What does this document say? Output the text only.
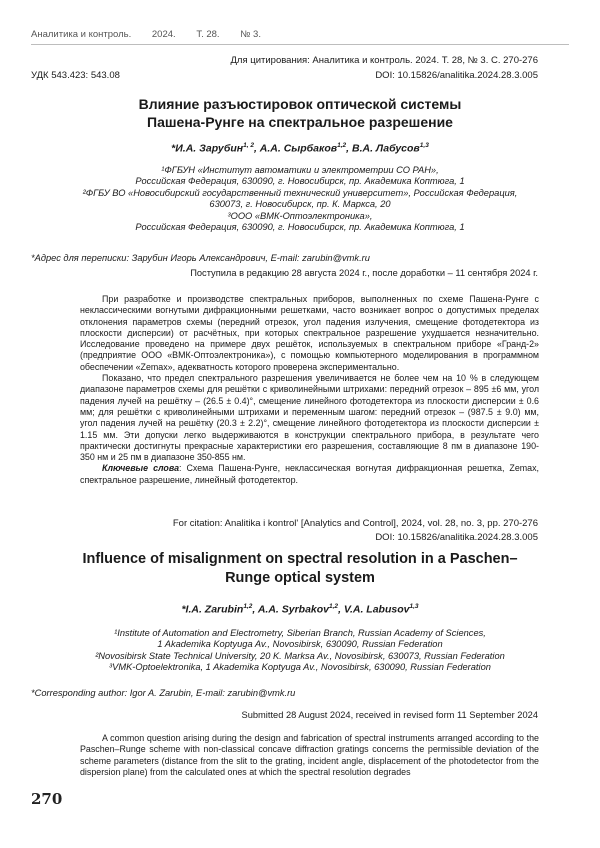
Аналитика и контроль. 2024. Т. 28. № 3.
Для цитирования: Аналитика и контроль. 2024. Т. 28, № 3. С. 270-276
УДК 543.423: 543.08	DOI: 10.15826/analitika.2024.28.3.005
Влияние разъюстировок оптической системы
Пашена-Рунге на спектральное разрешение
*И.А. Зарубин1, 2, А.А. Сырбаков1,2, В.А. Лабусов1,3
¹ФГБУН «Институт автоматики и электрометрии СО РАН»,
Российская Федерация, 630090, г. Новосибирск, пр. Академика Коптюга, 1
²ФГБУ ВО «Новосибирский государственный технический университет», Российская Федерация,
630073, г. Новосибирск, пр. К. Маркса, 20
³ООО «ВМК-Оптоэлектроника»,
Российская Федерация, 630090, г. Новосибирск, пр. Академика Коптюга, 1
*Адрес для переписки: Зарубин Игорь Александрович, E-mail: zarubin@vmk.ru
Поступила в редакцию 28 августа 2024 г., после доработки – 11 сентября 2024 г.

При разработке и производстве спектральных приборов, выполненных по схеме Пашена-Рунге с неклассическими вогнутыми дифракционными решетками, часто возникает вопрос о допустимых пределах отклонения параметров схемы (передний отрезок, угол падения излучения, смещение фотодетектора из плоскости дисперсии) от расчётных, при которых спектральное разрешение ухудшается незначительно. Исследование проведено на примере двух решёток, используемых в спектральном приборе «Гранд-2» (предприятие ООО «ВМК-Оптоэлектроника»), с помощью компьютерного моделирования в программном обеспечении «Zemax», адекватность которого проверена экспериментально.

Показано, что предел спектрального разрешения увеличивается не более чем на 10 % в следующем диапазоне параметров схемы для решётки с криволинейными штрихами: передний отрезок – 895 ±6 мм, угол падения лучей на решётку – (26.5 ± 0.4)°, смещение линейного фотодетектора из плоскости дисперсии ± 0.6 мм; для решётки с криволинейными штрихами и переменным шагом: передний отрезок – (987.5 ± 9.0) мм, угол падения лучей на решётку (20.3 ± 2.2)°, смещение линейного фотодетектора из плоскости дисперсии ± 1.15 мм. Эти допуски легко выдерживаются в конструкции спектрального прибора, в результате чего практически достигнуты прекрасные характеристики его разрешения, составляющие 8 пм в диапазоне 190-350 нм и 25 пм в диапазоне 350-855 нм.

Ключевые слова: Схема Пашена-Рунге, неклассическая вогнутая дифракционная решетка, Zemax, спектральное разрешение, линейный фотодетектор.

For citation: Analitika i kontrol' [Analytics and Control], 2024, vol. 28, no. 3, pp. 270-276
DOI: 10.15826/analitika.2024.28.3.005
Influence of misalignment on spectral resolution in a Paschen–
Runge optical system
*I.A. Zarubin1,2, A.A. Syrbakov1,2, V.A. Labusov1,3
¹Institute of Automation and Electrometry, Siberian Branch, Russian Academy of Sciences,
1 Akademika Koptyuga Av., Novosibirsk, 630090, Russian Federation
²Novosibirsk State Technical University, 20 K. Marksa Av., Novosibirsk, 630073, Russian Federation
³VMK-Optoelektronika, 1 Akademika Koptyuga Av., Novosibirsk, 630090, Russian Federation
*Corresponding author: Igor A. Zarubin, E-mail: zarubin@vmk.ru
Submitted 28 August 2024, received in revised form 11 September 2024

A common question arising during the design and fabrication of spectral instruments arranged according to the Paschen–Runge scheme with non-classical concave diffraction gratings concerns the permissible deviation of the scheme parameters (distance from the slit to the grating, incident angle, displacement of the photodetector from the dispersion plane) from the calculated ones at which the spectral resolution degrades

270
